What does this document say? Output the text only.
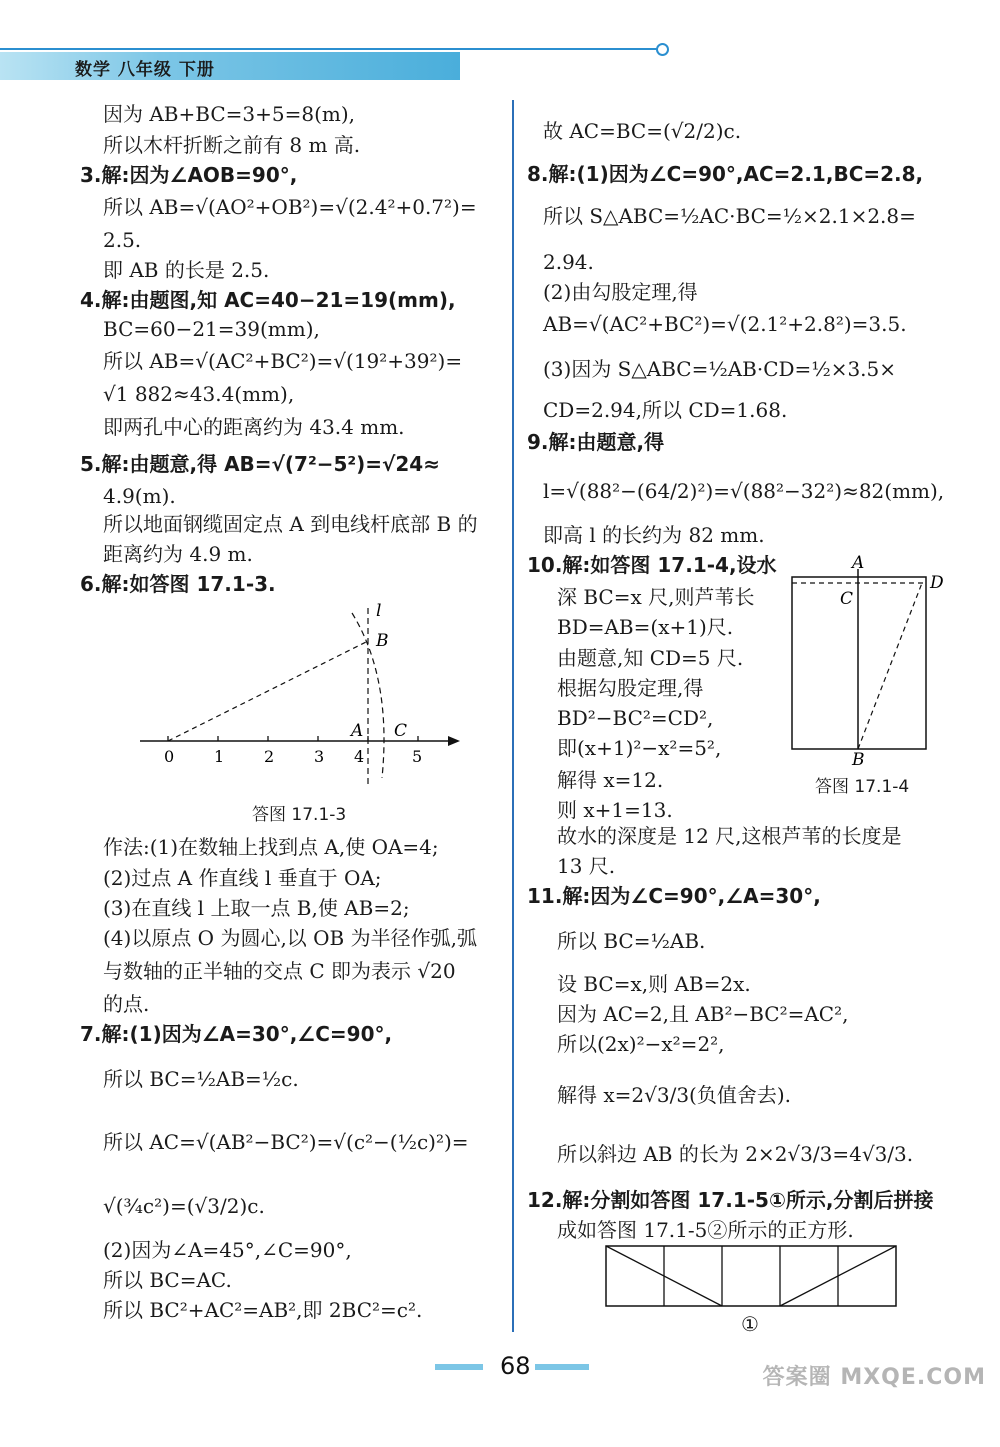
数学 八年级 下册
因为 AB+BC=3+5=8(m),
所以木杆折断之前有 8 m 高.
3.解:因为∠AOB=90°,
所以 AB=√(AO²+OB²)=√(2.4²+0.7²)=
2.5.
即 AB 的长是 2.5.
4.解:由题图,知 AC=40−21=19(mm),
BC=60−21=39(mm),
所以 AB=√(AC²+BC²)=√(19²+39²)=
√1 882≈43.4(mm),
即两孔中心的距离约为 43.4 mm.
5.解:由题意,得 AB=√(7²−5²)=√24≈
4.9(m).
所以地面钢缆固定点 A 到电线杆底部 B 的
距离约为 4.9 m.
6.解:如答图 17.1-3.
0 1 2 3 4	5
l
B
A C
答图 17.1-3
作法:(1)在数轴上找到点 A,使 OA=4;
(2)过点 A 作直线 l 垂直于 OA;
(3)在直线 l 上取一点 B,使 AB=2;
(4)以原点 O 为圆心,以 OB 为半径作弧,弧
与数轴的正半轴的交点 C 即为表示 √20
的点.
7.解:(1)因为∠A=30°,∠C=90°,
所以 BC=½AB=½c.
所以 AC=√(AB²−BC²)=√(c²−(½c)²)=
√(¾c²)=(√3/2)c.
(2)因为∠A=45°,∠C=90°,
所以 BC=AC.
所以 BC²+AC²=AB²,即 2BC²=c².
故 AC=BC=(√2/2)c.
8.解:(1)因为∠C=90°,AC=2.1,BC=2.8,
所以 S△ABC=½AC·BC=½×2.1×2.8=
2.94.
(2)由勾股定理,得
AB=√(AC²+BC²)=√(2.1²+2.8²)=3.5.
(3)因为 S△ABC=½AB·CD=½×3.5×
CD=2.94,所以 CD=1.68.
9.解:由题意,得
l=√(88²−(64/2)²)=√(88²−32²)≈82(mm),
即高 l 的长约为 82 mm.
10.解:如答图 17.1-4,设水
深 BC=x 尺,则芦苇长
BD=AB=(x+1)尺.
由题意,知 CD=5 尺.
根据勾股定理,得
BD²−BC²=CD²,
即(x+1)²−x²=5²,
解得 x=12.
则 x+1=13.
故水的深度是 12 尺,这根芦苇的长度是
13 尺.
11.解:因为∠C=90°,∠A=30°,
所以 BC=½AB.
设 BC=x,则 AB=2x.
因为 AC=2,且 AB²−BC²=AC²,
所以(2x)²−x²=2²,
解得 x=2√3/3(负值舍去).
所以斜边 AB 的长为 2×2√3/3=4√3/3.
12.解:分割如答图 17.1-5①所示,分割后拼接
成如答图 17.1-5②所示的正方形.
A
C
D
B
答图 17.1-4
①
68	答案圈 MXQE.COM
